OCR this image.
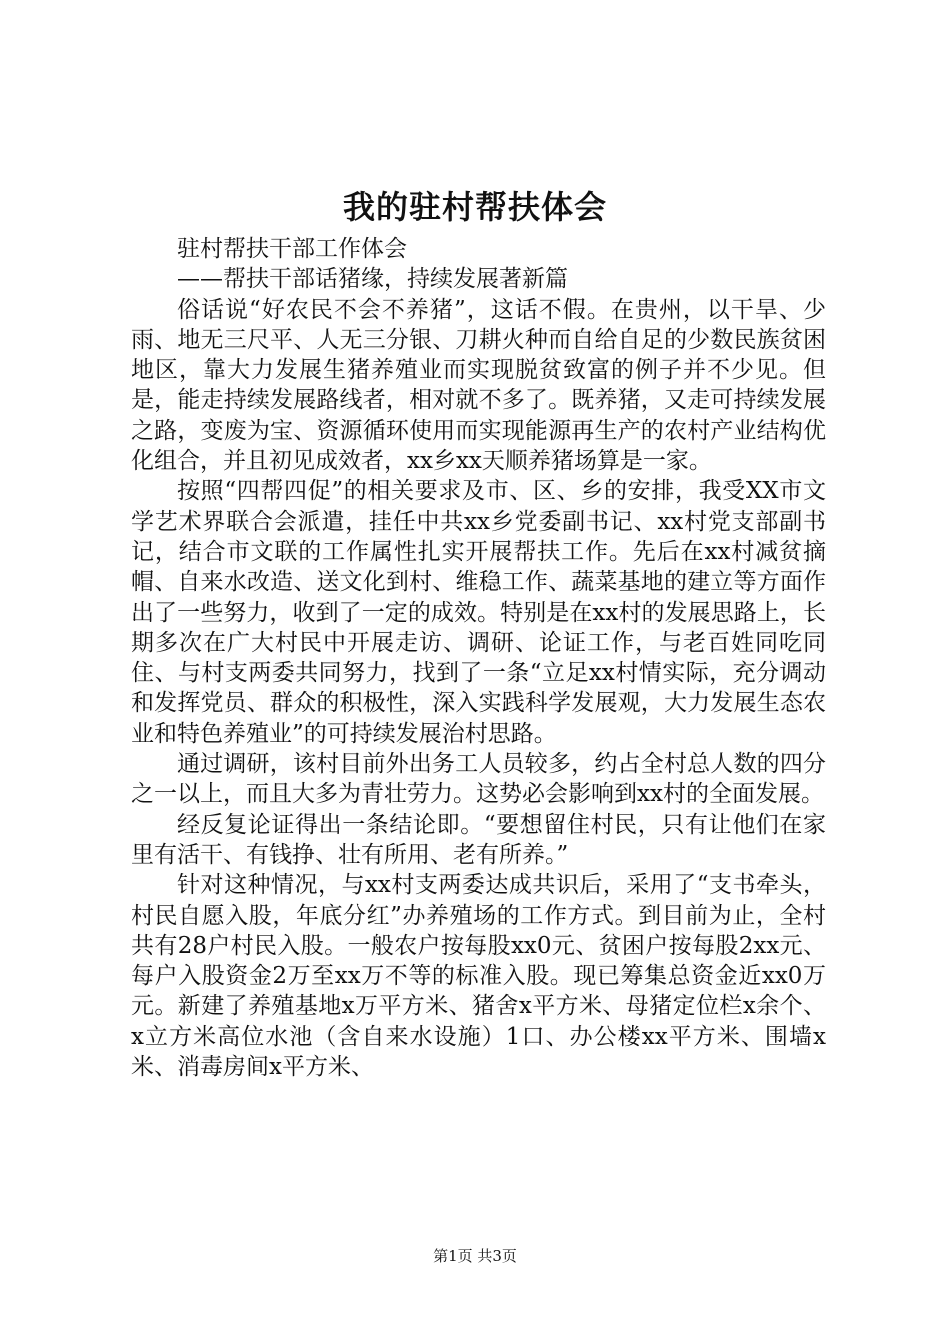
我的驻村帮扶体会

驻村帮扶干部工作体会

——帮扶干部话猪缘，持续发展著新篇

俗话说“好农民不会不养猪”，这话不假。在贵州，以干旱、少雨、地无三尺平、人无三分银、刀耕火种而自给自足的少数民族贫困地区，靠大力发展生猪养殖业而实现脱贫致富的例子并不少见。但是，能走持续发展路线者，相对就不多了。既养猪，又走可持续发展之路，变废为宝、资源循环使用而实现能源再生产的农村产业结构优化组合，并且初见成效者，xx乡xx天顺养猪场算是一家。

按照“四帮四促”的相关要求及市、区、乡的安排，我受XX市文学艺术界联合会派遣，挂任中共xx乡党委副书记、xx村党支部副书记，结合市文联的工作属性扎实开展帮扶工作。先后在xx村减贫摘帽、自来水改造、送文化到村、维稳工作、蔬菜基地的建立等方面作出了一些努力，收到了一定的成效。特别是在xx村的发展思路上，长期多次在广大村民中开展走访、调研、论证工作，与老百姓同吃同住、与村支两委共同努力，找到了一条“立足xx村情实际，充分调动和发挥党员、群众的积极性，深入实践科学发展观，大力发展生态农业和特色养殖业”的可持续发展治村思路。

通过调研，该村目前外出务工人员较多，约占全村总人数的四分之一以上，而且大多为青壮劳力。这势必会影响到xx村的全面发展。

经反复论证得出一条结论即。“要想留住村民，只有让他们在家里有活干、有钱挣、壮有所用、老有所养。”

针对这种情况，与xx村支两委达成共识后，采用了“支书牵头，村民自愿入股，年底分红”办养殖场的工作方式。到目前为止，全村共有28户村民入股。一般农户按每股xx0元、贫困户按每股2xx元、每户入股资金2万至xx万不等的标准入股。现已筹集总资金近xx0万元。新建了养殖基地x万平方米、猪舍x平方米、母猪定位栏x余个、x立方米高位水池（含自来水设施）1口、办公楼xx平方米、围墙x米、消毒房间x平方米、

第1页 共3页
